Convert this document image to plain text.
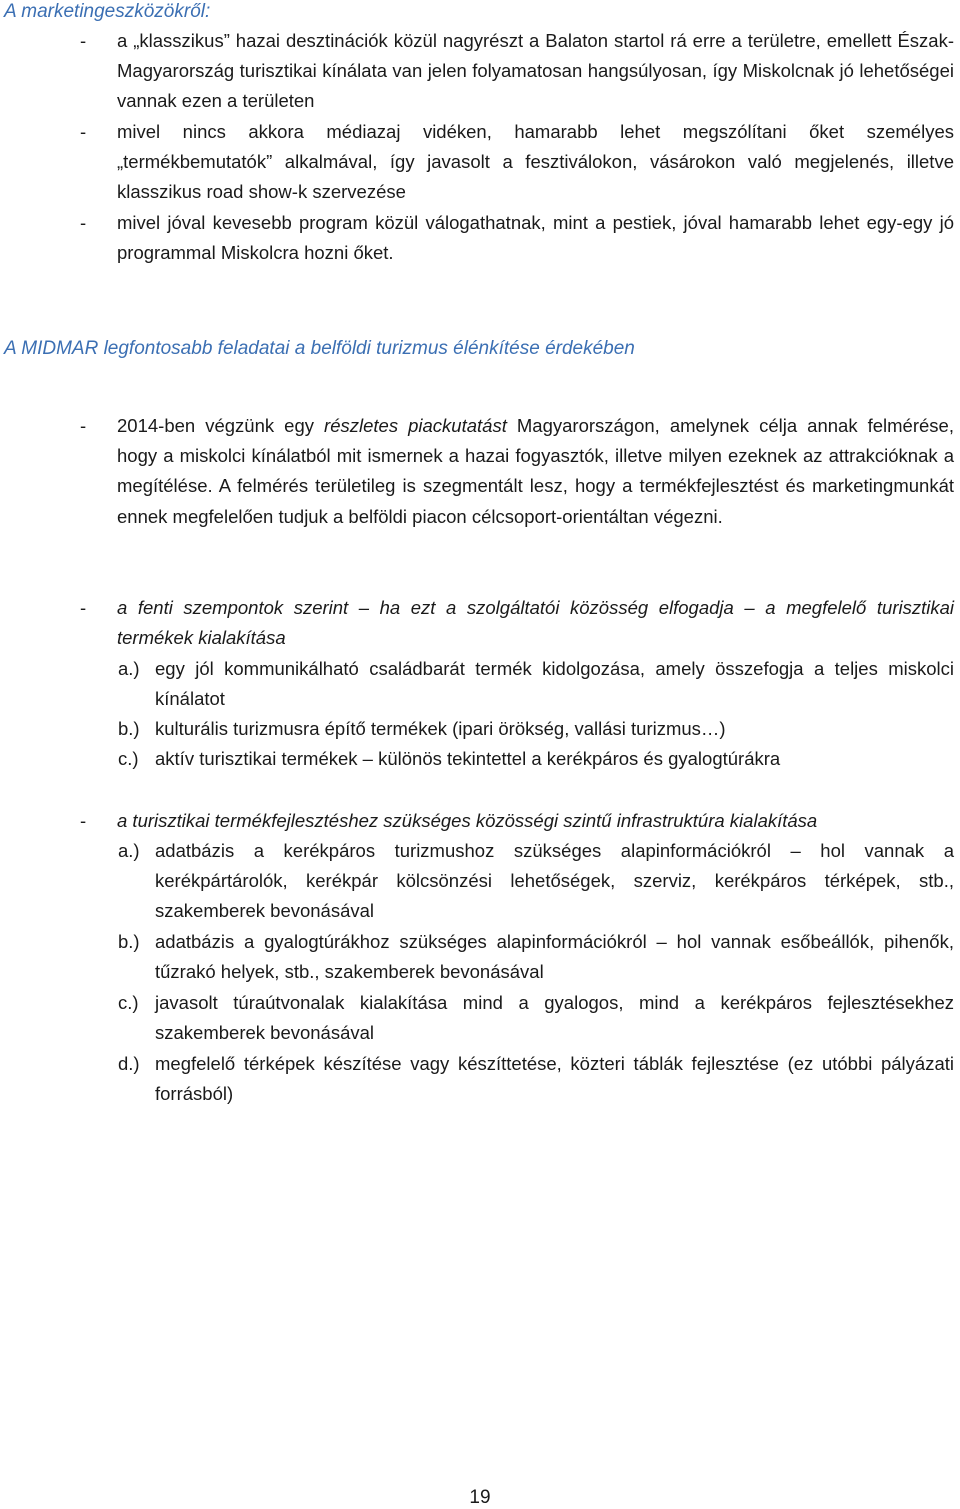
A marketingeszközökről:
- a „klasszikus” hazai desztinációk közül nagyrészt a Balaton startol rá erre a területre, emellett Észak-Magyarország turisztikai kínálata van jelen folyamatosan hangsúlyosan, így Miskolcnak jó lehetőségei vannak ezen a területen
- mivel nincs akkora médiazaj vidéken, hamarabb lehet megszólítani őket személyes „termékbemutatók” alkalmával, így javasolt a fesztiválokon, vásárokon való megjelenés, illetve klasszikus road show-k szervezése
- mivel jóval kevesebb program közül válogathatnak, mint a pestiek, jóval hamarabb lehet egy-egy jó programmal Miskolcra hozni őket.
A MIDMAR legfontosabb feladatai a belföldi turizmus élénkítése érdekében
- 2014-ben végzünk egy részletes piackutatást Magyarországon, amelynek célja annak felmérése, hogy a miskolci kínálatból mit ismernek a hazai fogyasztók, illetve milyen ezeknek az attrakcióknak a megítélése. A felmérés területileg is szegmentált lesz, hogy a termékfejlesztést és marketingmunkát ennek megfelelően tudjuk a belföldi piacon célcsoport-orientáltan végezni.
- a fenti szempontok szerint – ha ezt a szolgáltatói közösség elfogadja – a megfelelő turisztikai termékek kialakítása
a.) egy jól kommunikálható családbarát termék kidolgozása, amely összefogja a teljes miskolci kínálatot
b.) kulturális turizmusra építő termékek (ipari örökség, vallási turizmus…)
c.) aktív turisztikai termékek – különös tekintettel a kerékpáros és gyalogtúrákra
- a turisztikai termékfejlesztéshez szükséges közösségi szintű infrastruktúra kialakítása
a.) adatbázis a kerékpáros turizmushoz szükséges alapinformációkról – hol vannak a kerékpártárolók, kerékpár kölcsönzési lehetőségek, szerviz, kerékpáros térképek, stb., szakemberek bevonásával
b.) adatbázis a gyalogtúrákhoz szükséges alapinformációkról – hol vannak esőbeállók, pihenők, tűzrakó helyek, stb., szakemberek bevonásával
c.) javasolt túraútvonalak kialakítása mind a gyalogos, mind a kerékpáros fejlesztésekhez szakemberek bevonásával
d.) megfelelő térképek készítése vagy készíttetése, közteri táblák fejlesztése (ez utóbbi pályázati forrásból)
19
